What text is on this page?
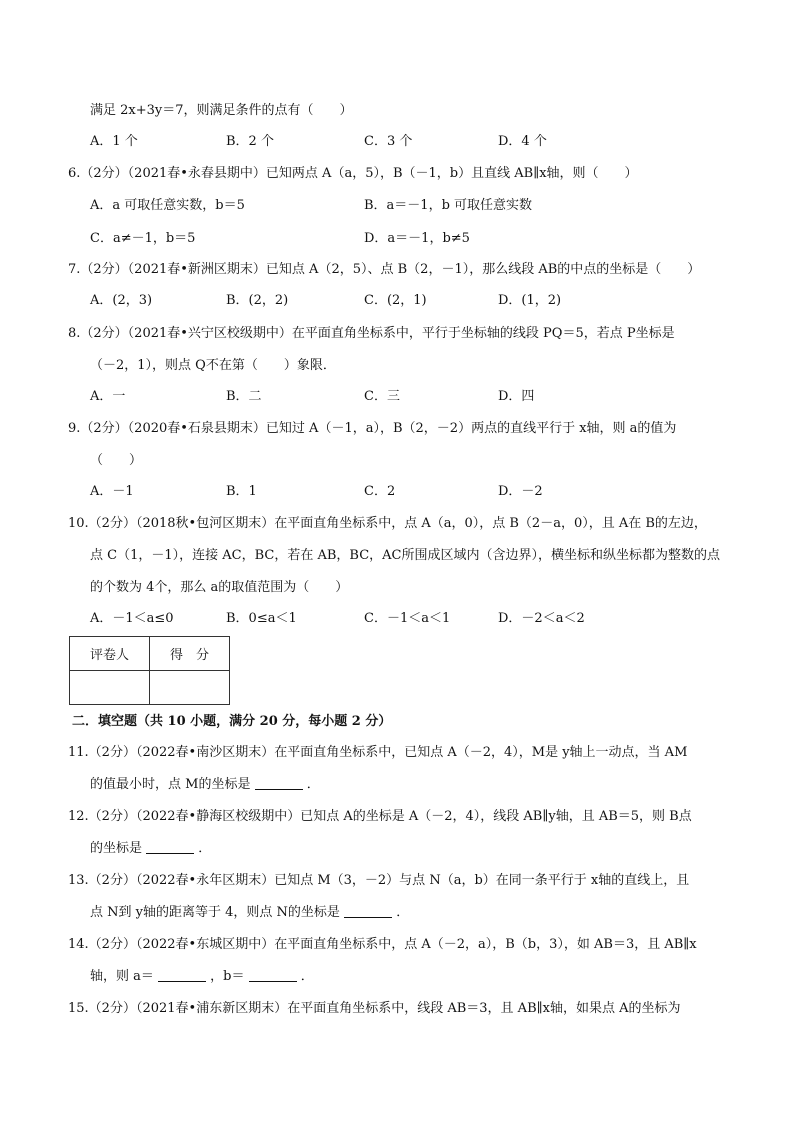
满足 2x+3y＝7，则满足条件的点有（　　）
A．1 个	B．2 个	C．3 个	D．4 个
6.（2分）（2021春•永春县期中）已知两点 A（a，5），B（－1，b）且直线 AB∥x轴，则（　　）
A．a 可取任意实数，b＝5	B．a＝－1，b 可取任意实数
C．a≠－1，b＝5	D．a＝－1，b≠5
7.（2分）（2021春•新洲区期末）已知点 A（2，5）、点 B（2，－1），那么线段 AB的中点的坐标是（　　）
A．(2，3)	B．(2，2)	C．(2，1)	D．(1，2)
8.（2分）（2021春•兴宁区校级期中）在平面直角坐标系中，平行于坐标轴的线段 PQ＝5，若点 P坐标是
（－2，1），则点 Q不在第（　　）象限．
A．一	B．二	C．三	D．四
9.（2分）（2020春•石泉县期末）已知过 A（－1，a），B（2，－2）两点的直线平行于 x轴，则 a的值为
（　　）
A．－1	B．1	C．2	D．－2
10.（2分）（2018秋•包河区期末）在平面直角坐标系中，点 A（a，0），点 B（2－a，0），且 A在 B的左边，
点 C（1，－1），连接 AC，BC，若在 AB，BC，AC所围成区域内（含边界），横坐标和纵坐标都为整数的点
的个数为 4个，那么 a的取值范围为（　　）
A．－1＜a≤0	B．0≤a＜1	C．－1＜a＜1	D．－2＜a＜2
评卷人	得　分

二．填空题（共 10 小题，满分 20 分，每小题 2 分）
11.（2分）（2022春•南沙区期末）在平面直角坐标系中，已知点 A（－2，4），M是 y轴上一动点，当 AM
的值最小时，点 M的坐标是	．
12.（2分）（2022春•静海区校级期中）已知点 A的坐标是 A（－2，4），线段 AB∥y轴，且 AB＝5，则 B点
的坐标是	．
13.（2分）（2022春•永年区期末）已知点 M（3，－2）与点 N（a，b）在同一条平行于 x轴的直线上，且
点 N到 y轴的距离等于 4，则点 N的坐标是	．
14.（2分）（2022春•东城区期中）在平面直角坐标系中，点 A（－2，a），B（b，3），如 AB＝3，且 AB∥x
轴，则 a＝	，b＝	．
15.（2分）（2021春•浦东新区期末）在平面直角坐标系中，线段 AB＝3，且 AB∥x轴，如果点 A的坐标为
